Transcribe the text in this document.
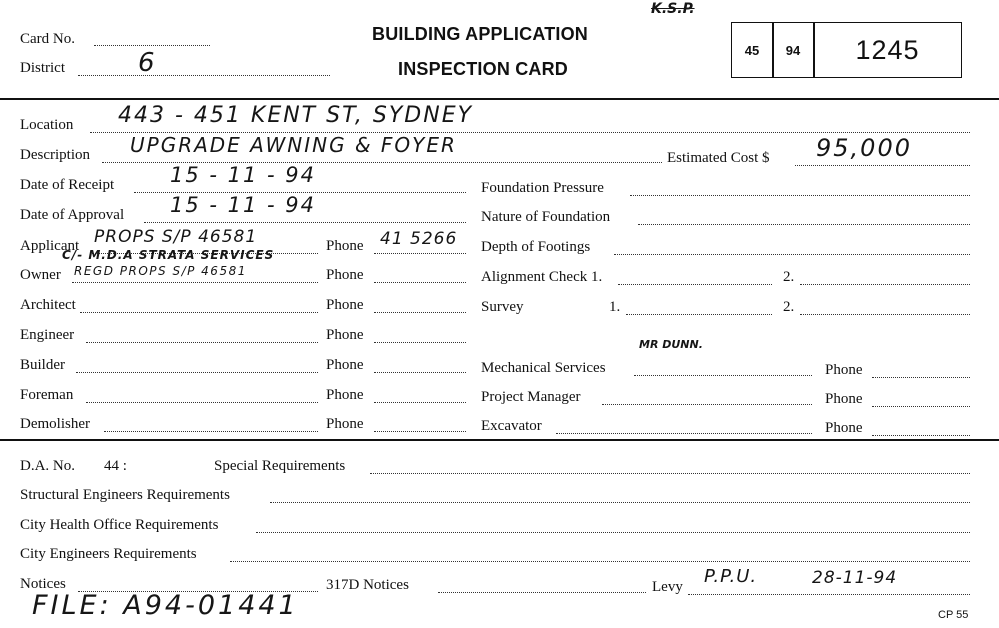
Card No.
District	6
BUILDING APPLICATION
INSPECTION CARD
K.S.P.
45	94	1245
Location 443 - 451 KENT ST, SYDNEY
Description UPGRADE AWNING & FOYER
Estimated Cost $ 95,000
Date of Receipt	15 - 11 - 94
Date of Approval 15 - 11 - 94
Applicant PROPS S/P 46581	Phone 41 5266
C/- M.D.A STRATA SERVICES
Owner REGD PROPS S/P 46581	Phone
Architect	Phone
Engineer	Phone
Builder	Phone
Foreman	Phone
Demolisher	Phone
Foundation Pressure
Nature of Foundation
Depth of Footings
Alignment Check 1.	2.
Survey	1.	2.
MR DUNN.
Mechanical Services	Phone
Project Manager	Phone
Excavator	Phone
D.A. No. 44 :	Special Requirements
Structural Engineers Requirements
City Health Office Requirements
City Engineers Requirements
Notices	317D Notices	Levy P.P.U.	28-11-94
FILE: A94-01441	CP 55
